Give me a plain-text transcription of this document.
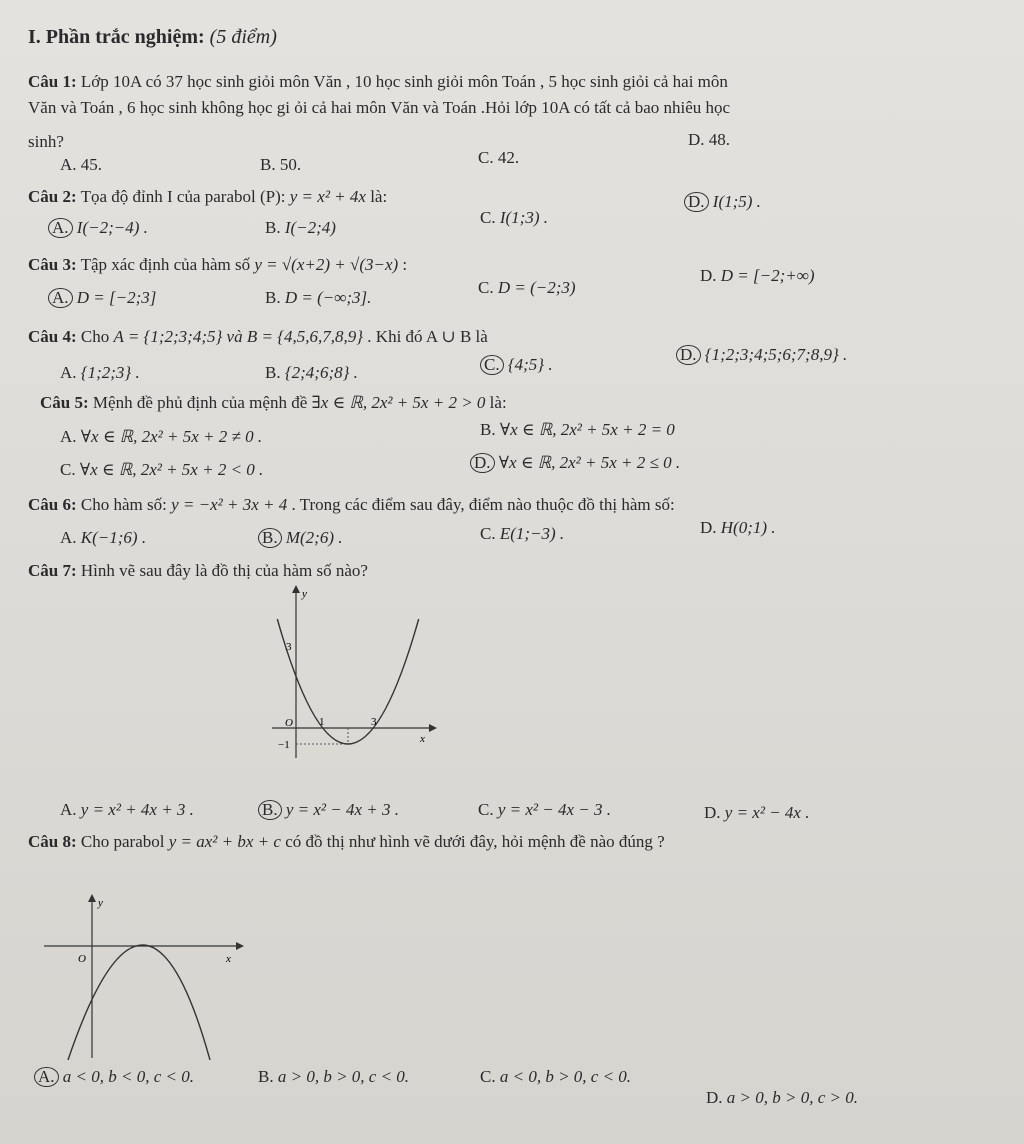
I. Phần trắc nghiệm: (5 điểm)
Câu 1: Lớp 10A có 37 học sinh giỏi môn Văn , 10 học sinh giỏi môn Toán , 5 học sinh giỏi cả hai môn
Văn và Toán , 6 học sinh không học gi ỏi cả hai môn Văn và Toán .Hỏi lớp 10A có tất cả bao nhiêu học
sinh?
A. 45.	B. 50.	C. 42.
D. 48.
Câu 2: Tọa độ đỉnh I của parabol (P): y = x² + 4x là:
A. I(−2;−4) .	B. I(−2;4)
C. I(1;3) .
D. I(1;5) .
Câu 3: Tập xác định của hàm số y = √(x+2) + √(3−x) :
A. D = [−2;3]	B. D = (−∞;3].
C. D = (−2;3)
D. D = [−2;+∞)
Câu 4: Cho A = {1;2;3;4;5} và B = {4,5,6,7,8,9} . Khi đó A ∪ B là
A. {1;2;3} .	B. {2;4;6;8} .	C. {4;5} .
D. {1;2;3;4;5;6;7;8,9} .
Câu 5: Mệnh đề phủ định của mệnh đề ∃x ∈ ℝ, 2x² + 5x + 2 > 0 là:
A. ∀x ∈ ℝ, 2x² + 5x + 2 ≠ 0 .	B. ∀x ∈ ℝ, 2x² + 5x + 2 = 0
C. ∀x ∈ ℝ, 2x² + 5x + 2 < 0 .	D. ∀x ∈ ℝ, 2x² + 5x + 2 ≤ 0 .
Câu 6: Cho hàm số: y = −x² + 3x + 4 . Trong các điểm sau đây, điểm nào thuộc đồ thị hàm số:
A. K(−1;6) .	B. M(2;6) .	C. E(1;−3) .	D. H(0;1) .
Câu 7: Hình vẽ sau đây là đồ thị của hàm số nào?
y
x
O
3
1	3
−1
A. y = x² + 4x + 3 .	B. y = x² − 4x + 3 .	C. y = x² − 4x − 3 .	D. y = x² − 4x .
Câu 8: Cho parabol y = ax² + bx + c có đồ thị như hình vẽ dưới đây, hỏi mệnh đề nào đúng ?
y
x
O
A. a < 0, b < 0, c < 0.	B. a > 0, b > 0, c < 0.	C. a < 0, b > 0, c < 0.
D. a > 0, b > 0, c > 0.
